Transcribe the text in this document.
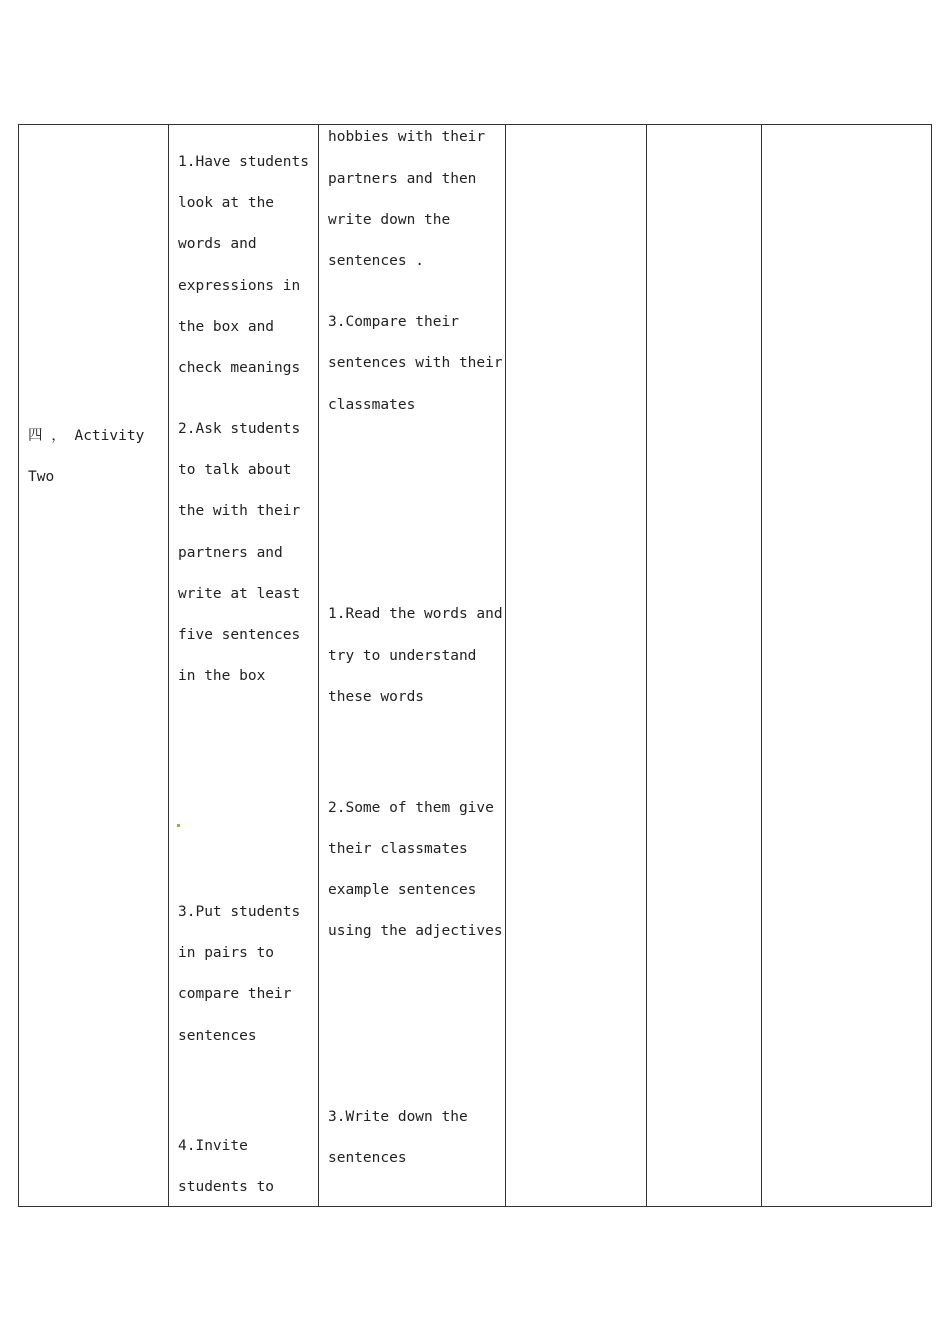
四 ， Activity
Two
1.Have students
look at the
words and
expressions in
the box and
check meanings
2.Ask students
to talk about
the with their
partners and
write at least
five sentences
in the box
3.Put students
in pairs to
compare their
sentences
4.Invite
students to
hobbies with their
partners and then
write down the
sentences .
3.Compare their
sentences with their
classmates
1.Read the words and
try to understand
these words
2.Some of them give
their classmates
example sentences
using the adjectives
3.Write down the
sentences
